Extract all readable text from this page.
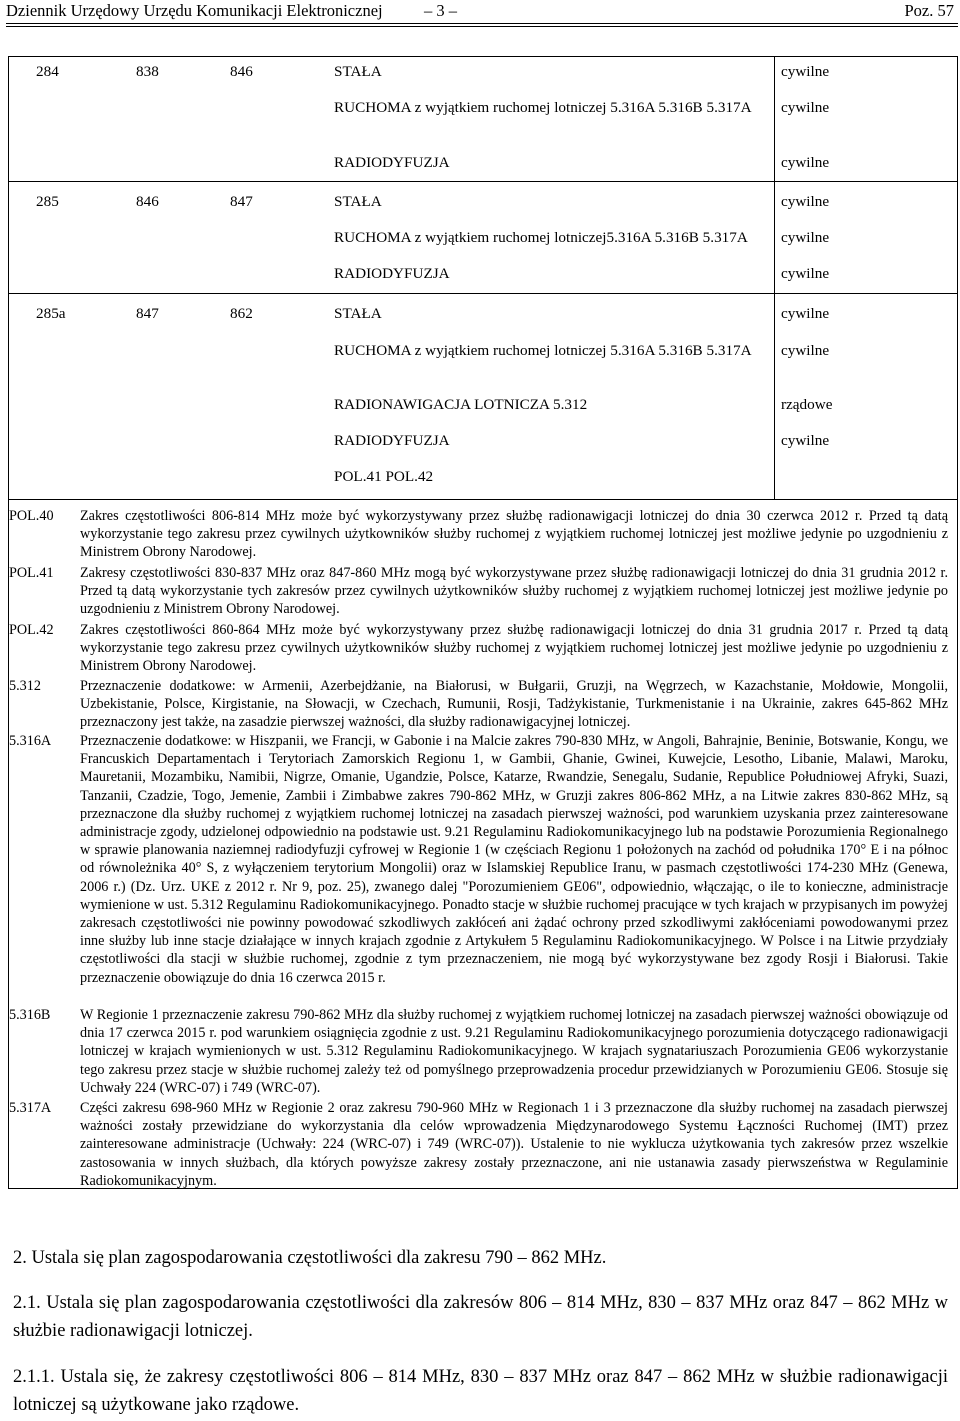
Dziennik Urzędowy Urzędu Komunikacji Elektronicznej	– 3 –	Poz. 57
284	838	846	STAŁA	cywilne
RUCHOMA z wyjątkiem ruchomej lotniczej 5.316A 5.316B 5.317A	cywilne
RADIODYFUZJA	cywilne
285	846	847	STAŁA	cywilne
RUCHOMA z wyjątkiem ruchomej lotniczej5.316A 5.316B 5.317A cywilne
RADIODYFUZJA	cywilne
285a	847	862	STAŁA	cywilne
RUCHOMA z wyjątkiem ruchomej lotniczej 5.316A 5.316B 5.317A	cywilne
RADIONAWIGACJA LOTNICZA 5.312	rządowe
RADIODYFUZJA	cywilne
POL.41 POL.42
POL.40 Zakres częstotliwości 806-814 MHz może być wykorzystywany przez służbę radionawigacji lotniczej do dnia 30 czerwca 2012 r. Przed tą datą wykorzystanie tego zakresu przez cywilnych użytkowników służby ruchomej z wyjątkiem ruchomej lotniczej jest możliwe jedynie po uzgodnieniu z Ministrem Obrony Narodowej.
POL.41 Zakresy częstotliwości 830-837 MHz oraz 847-860 MHz mogą być wykorzystywane przez służbę radionawigacji lotniczej do dnia 31 grudnia 2012 r. Przed tą datą wykorzystanie tych zakresów przez cywilnych użytkowników służby ruchomej z wyjątkiem ruchomej lotniczej jest możliwe jedynie po uzgodnieniu z Ministrem Obrony Narodowej.
POL.42 Zakres częstotliwości 860-864 MHz może być wykorzystywany przez służbę radionawigacji lotniczej do dnia 31 grudnia 2017 r. Przed tą datą wykorzystanie tego zakresu przez cywilnych użytkowników służby ruchomej z wyjątkiem ruchomej lotniczej jest możliwe jedynie po uzgodnieniu z Ministrem Obrony Narodowej.
5.312	Przeznaczenie dodatkowe: w Armenii, Azerbejdżanie, na Białorusi, w Bułgarii, Gruzji, na Węgrzech, w Kazachstanie, Mołdowie, Mongolii, Uzbekistanie, Polsce, Kirgistanie, na Słowacji, w Czechach, Rumunii, Rosji, Tadżykistanie, Turkmenistanie i na Ukrainie, zakres 645-862 MHz przeznaczony jest także, na zasadzie pierwszej ważności, dla służby radionawigacyjnej lotniczej.
5.316A Przeznaczenie dodatkowe: w Hiszpanii, we Francji, w Gabonie i na Malcie zakres 790-830 MHz, w Angoli, Bahrajnie, Beninie, Botswanie, Kongu, we Francuskich Departamentach i Terytoriach Zamorskich Regionu 1, w Gambii, Ghanie, Gwinei, Kuwejcie, Lesotho, Libanie, Malawi, Maroku, Mauretanii, Mozambiku, Namibii, Nigrze, Omanie, Ugandzie, Polsce, Katarze, Rwandzie, Senegalu, Sudanie, Republice Południowej Afryki, Suazi, Tanzanii, Czadzie, Togo, Jemenie, Zambii i Zimbabwe zakres 790-862 MHz, w Gruzji zakres 806-862 MHz, a na Litwie zakres 830-862 MHz, są przeznaczone dla służby ruchomej z wyjątkiem ruchomej lotniczej na zasadach pierwszej ważności, pod warunkiem uzyskania przez zainteresowane administracje zgody, udzielonej odpowiednio na podstawie ust. 9.21 Regulaminu Radiokomunikacyjnego lub na podstawie Porozumienia Regionalnego w sprawie planowania naziemnej radiodyfuzji cyfrowej w Regionie 1 (w częściach Regionu 1 położonych na zachód od południka 170° E i na północ od równoleżnika 40° S, z wyłączeniem terytorium Mongolii) oraz w Islamskiej Republice Iranu, w pasmach częstotliwości 174-230 MHz (Genewa, 2006 r.) (Dz. Urz. UKE z 2012 r. Nr 9, poz. 25), zwanego dalej "Porozumieniem GE06", odpowiednio, włączając, o ile to konieczne, administracje wymienione w ust. 5.312 Regulaminu Radiokomunikacyjnego. Ponadto stacje w służbie ruchomej pracujące w tych krajach w przypisanych im powyżej zakresach częstotliwości nie powinny powodować szkodliwych zakłóceń ani żądać ochrony przed szkodliwymi zakłóceniami powodowanymi przez inne służby lub inne stacje działające w innych krajach zgodnie z Artykułem 5 Regulaminu Radiokomunikacyjnego. W Polsce i na Litwie przydziały częstotliwości dla stacji w służbie ruchomej, zgodnie z tym przeznaczeniem, nie mogą być wykorzystywane bez zgody Rosji i Białorusi. Takie przeznaczenie obowiązuje do dnia 16 czerwca 2015 r.
5.316B W Regionie 1 przeznaczenie zakresu 790-862 MHz dla służby ruchomej z wyjątkiem ruchomej lotniczej na zasadach pierwszej ważności obowiązuje od dnia 17 czerwca 2015 r. pod warunkiem osiągnięcia zgodnie z ust. 9.21 Regulaminu Radiokomunikacyjnego porozumienia dotyczącego radionawigacji lotniczej w krajach wymienionych w ust. 5.312 Regulaminu Radiokomunikacyjnego. W krajach sygnatariuszach Porozumienia GE06 wykorzystanie tego zakresu przez stacje w służbie ruchomej zależy też od pomyślnego przeprowadzenia procedur przewidzianych w Porozumieniu GE06. Stosuje się Uchwały 224 (WRC-07) i 749 (WRC-07).
5.317A Części zakresu 698-960 MHz w Regionie 2 oraz zakresu 790-960 MHz w Regionach 1 i 3 przeznaczone dla służby ruchomej na zasadach pierwszej ważności zostały przewidziane do wykorzystania dla celów wprowadzenia Międzynarodowego Systemu Łączności Ruchomej (IMT) przez zainteresowane administracje (Uchwały: 224 (WRC-07) i 749 (WRC-07)). Ustalenie to nie wyklucza użytkowania tych zakresów przez wszelkie zastosowania w innych służbach, dla których powyższe zakresy zostały przeznaczone, ani nie ustanawia zasady pierwszeństwa w Regulaminie Radiokomunikacyjnym.
2. Ustala się plan zagospodarowania częstotliwości dla zakresu 790 – 862 MHz.
2.1. Ustala się plan zagospodarowania częstotliwości dla zakresów 806 – 814 MHz, 830 – 837 MHz oraz 847 – 862 MHz w służbie radionawigacji lotniczej.
2.1.1. Ustala się, że zakresy częstotliwości 806 – 814 MHz, 830 – 837 MHz oraz 847 – 862 MHz w służbie radionawigacji lotniczej są użytkowane jako rządowe.
